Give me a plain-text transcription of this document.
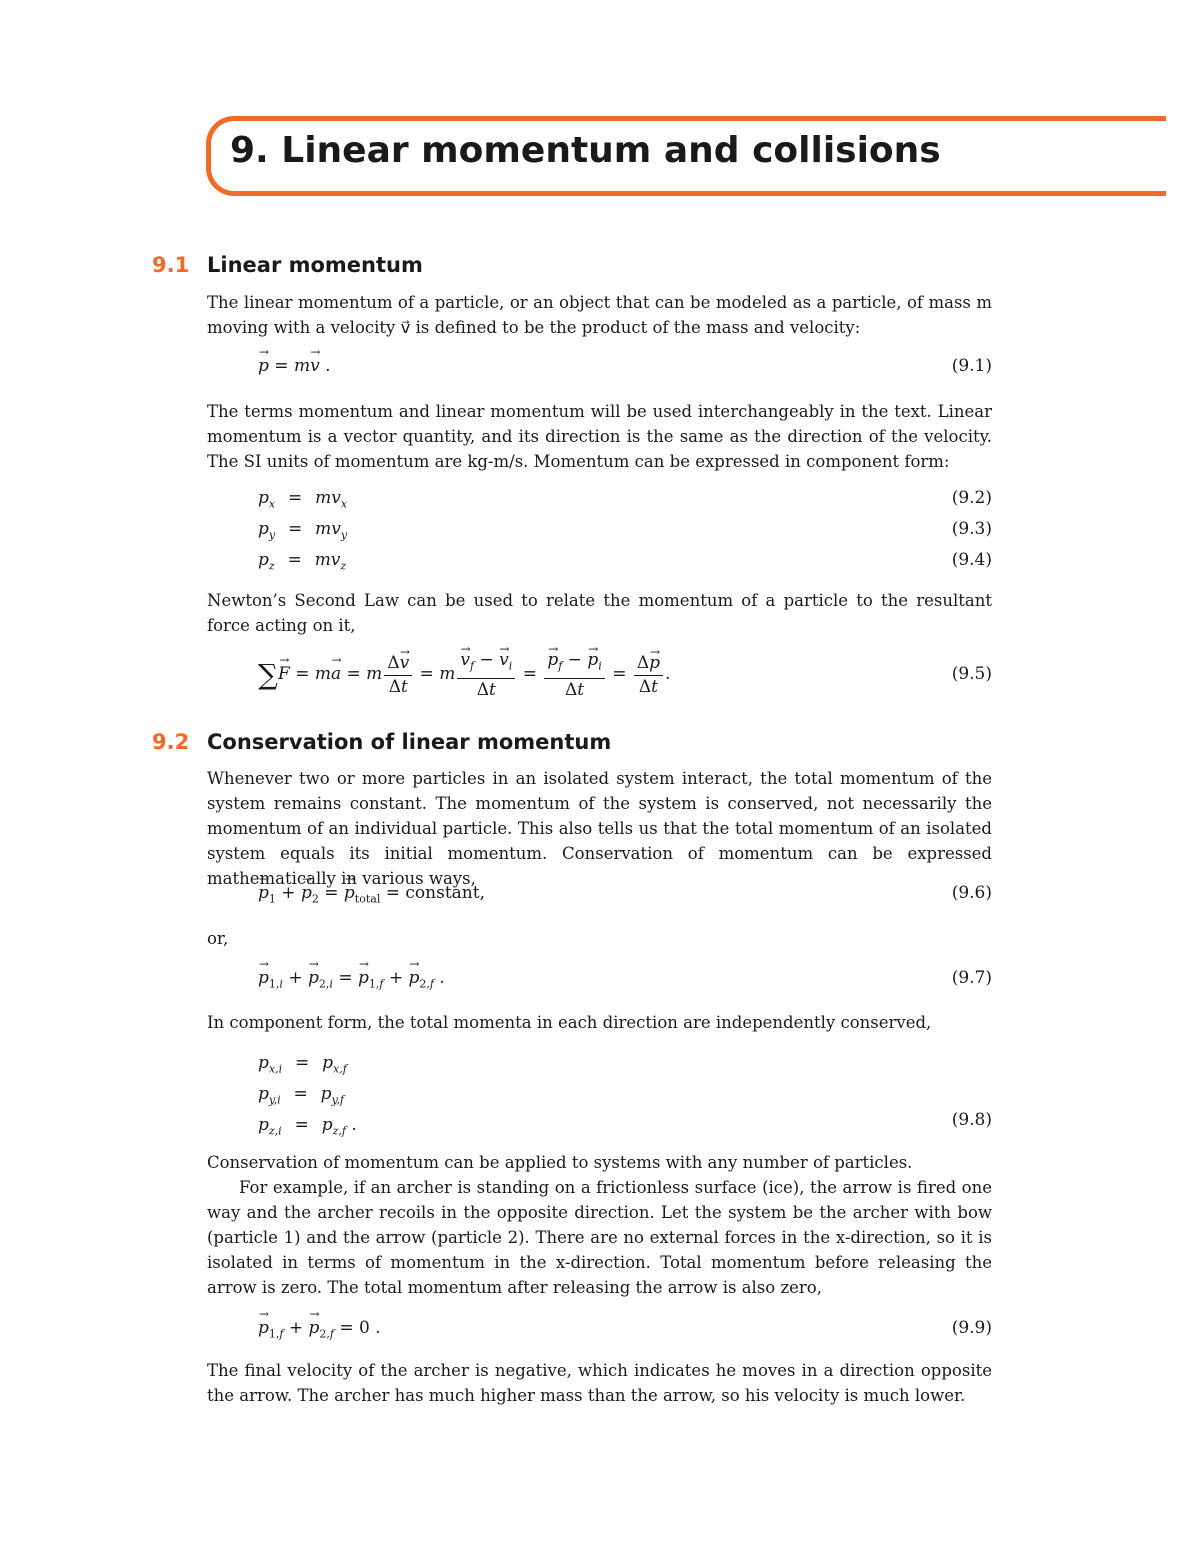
9. Linear momentum and collisions
9.1 Linear momentum

The linear momentum of a particle, or an object that can be modeled as a particle, of mass m moving with a velocity v⃗ is defined to be the product of the mass and velocity:

→ p = m→ v .	(9.1)

The terms momentum and linear momentum will be used interchangeably in the text. Linear momentum is a vector quantity, and its direction is the same as the direction of the velocity. The SI units of momentum are kg-m/s. Momentum can be expressed in component form:

$p_x = mv_x$	(9.2)
$p_y = mv_y$	(9.3)
$p_z = mv_z$	(9.4)

Newton’s Second Law can be used to relate the momentum of a particle to the resultant force acting on it,

∑→ F = m→ a = m $\frac{\Delta\to v}{\Delta t} = m$
→ $\frac{v_f - \to v_i}{\Delta t}$ =
→ $\frac{p_f - \to p_i}{\Delta t} = \frac{\Delta\to p}{\Delta t}$ .	(9.5)
9.2 Conservation of linear momentum

Whenever two or more particles in an isolated system interact, the total momentum of the system remains constant. The momentum of the system is conserved, not necessarily the momentum of an individual particle. This also tells us that the total momentum of an isolated system equals its initial momentum. Conservation of momentum can be expressed mathematically in various ways,

→ $p_1$ + → $p_2$ = → $p_{total}$ = constant,	(9.6)

or,

→ $p_{1,i}$ + → $p_{2,i}$ = → $p_{1,f}$ + → $p_{2,f}$ .	(9.7)

In component form, the total momenta in each direction are independently conserved,

$p_{x,i} = p_{x,f}$
$p_{y,i} = p_{y,f}$
$p_{z,i} = p_{z,f}$ .	(9.8)

Conservation of momentum can be applied to systems with any number of particles.

For example, if an archer is standing on a frictionless surface (ice), the arrow is fired one way and the archer recoils in the opposite direction. Let the system be the archer with bow (particle 1) and the arrow (particle 2). There are no external forces in the x-direction, so it is isolated in terms of momentum in the x-direction. Total momentum before releasing the arrow is zero. The total momentum after releasing the arrow is also zero,

→ $p_{1,f}$ + → $p_{2,f} = 0$ .	(9.9)

The final velocity of the archer is negative, which indicates he moves in a direction opposite the arrow. The archer has much higher mass than the arrow, so his velocity is much lower.
